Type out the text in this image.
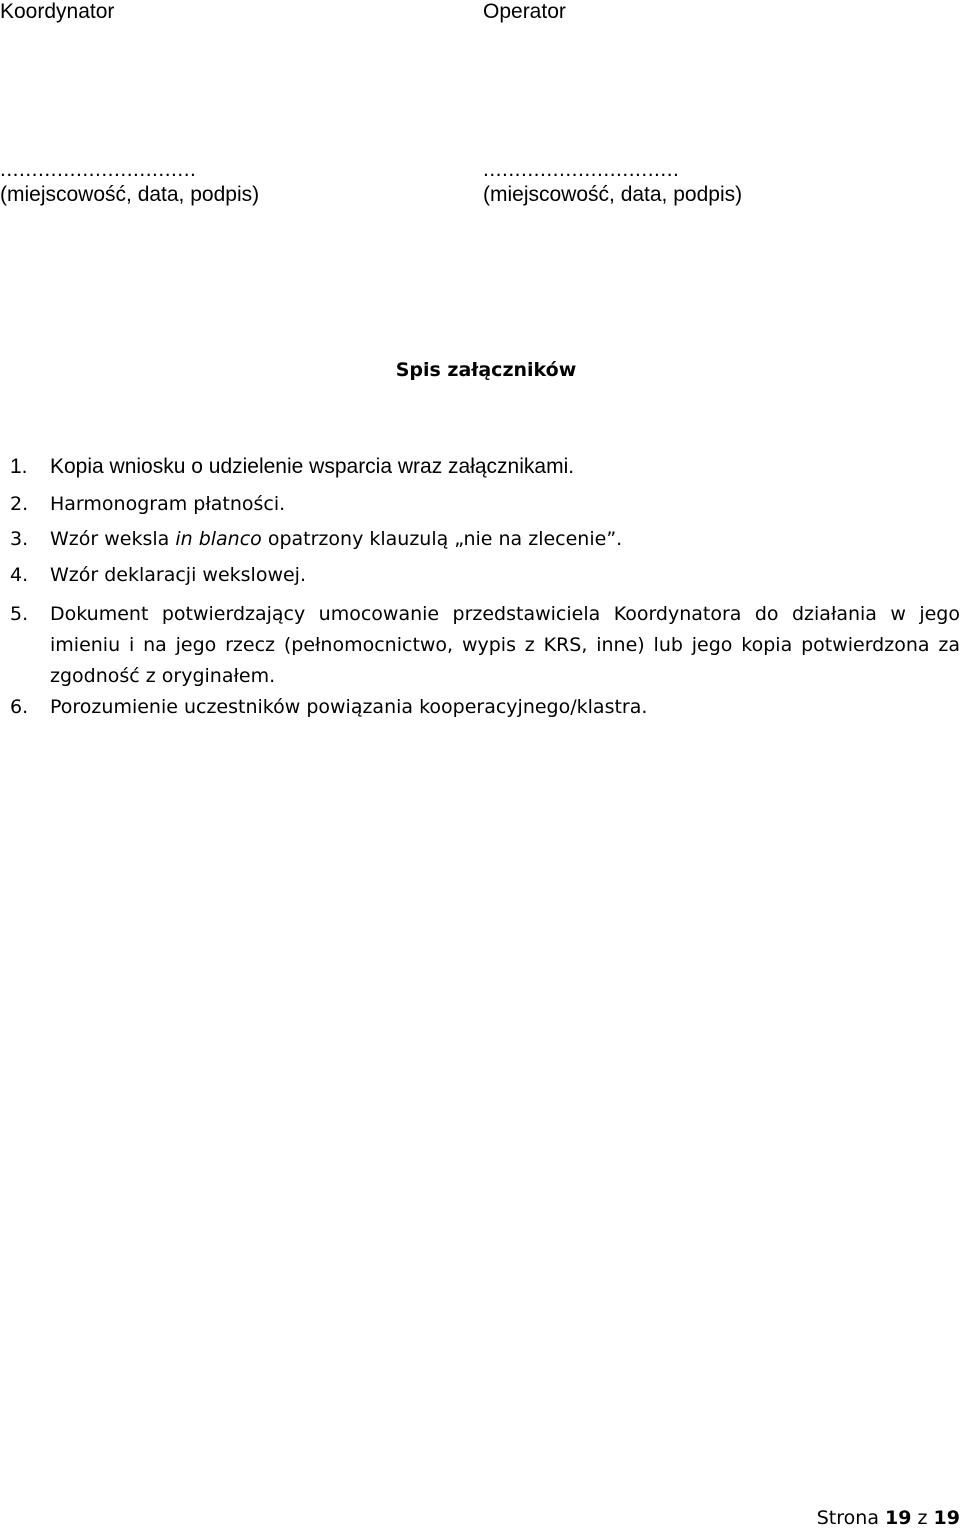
Koordynator	Operator
...............................	...............................
(miejscowość, data, podpis)	(miejscowość, data, podpis)
Spis załączników
1. Kopia wniosku o udzielenie wsparcia wraz załącznikami.
2. Harmonogram płatności.
3. Wzór weksla in blanco opatrzony klauzulą „nie na zlecenie”.
4. Wzór deklaracji wekslowej.
5. Dokument potwierdzający umocowanie przedstawiciela Koordynatora do działania w jego imieniu i na jego rzecz (pełnomocnictwo, wypis z KRS, inne) lub jego kopia potwierdzona za zgodność z oryginałem.
6. Porozumienie uczestników powiązania kooperacyjnego/klastra.
Strona 19 z 19
